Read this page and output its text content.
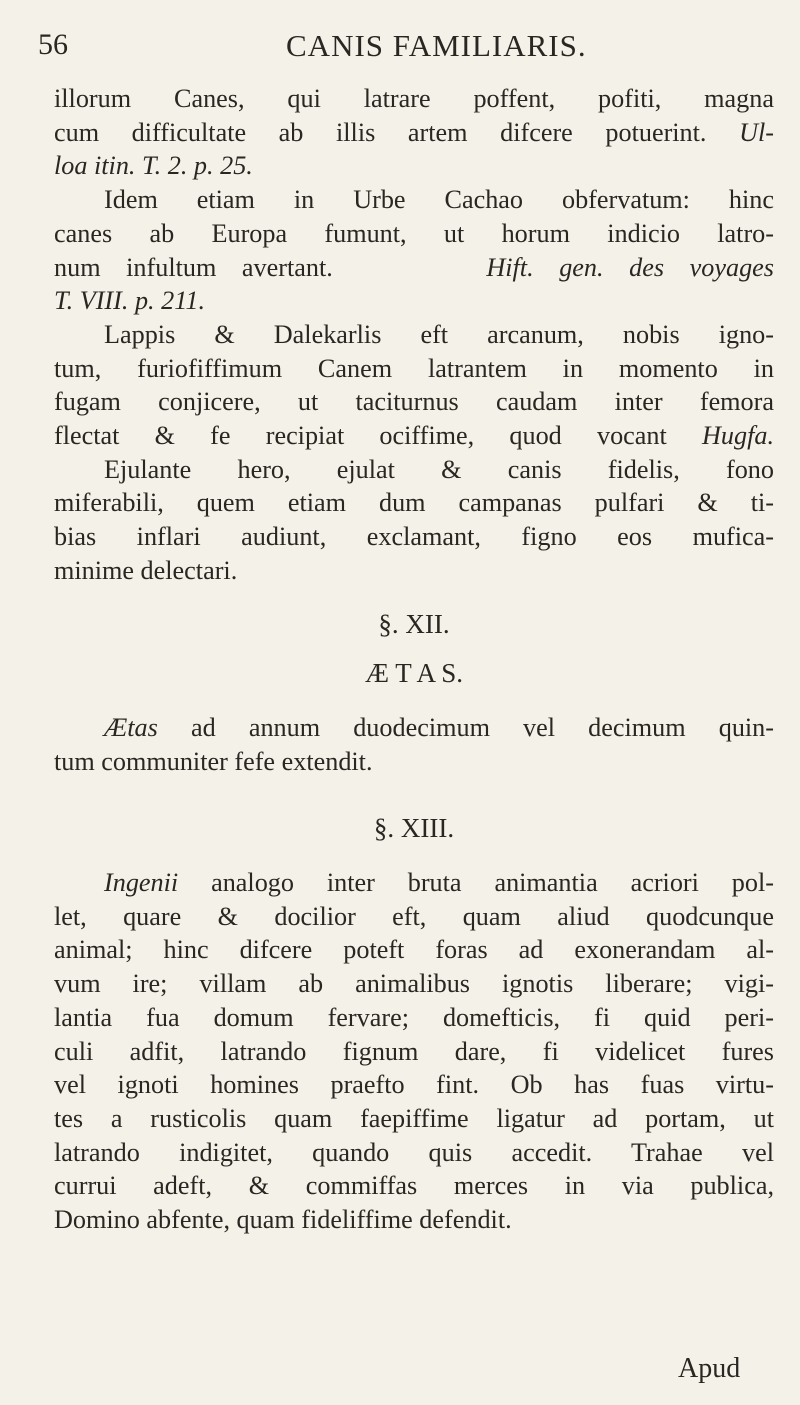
56	CANIS FAMILIARIS.

illorum Canes, qui latrare poffent, pofiti, magna
cum difficultate ab illis artem difcere potuerint. Ul-
loa itin. T. 2. p. 25.

Idem etiam in Urbe Cachao obfervatum: hinc
canes ab Europa fumunt, ut horum indicio latro-
num infultum avertant.	Hift. gen. des voyages
T. VIII. p. 211.

Lappis & Dalekarlis eft arcanum, nobis igno-
tum, furiofiffimum Canem latrantem in momento in
fugam conjicere, ut taciturnus caudam inter femora
flectat & fe recipiat ociffime, quod vocant Hugfa.

Ejulante hero, ejulat & canis fidelis, fono
miferabili, quem etiam dum campanas pulfari & ti-
bias inflari audiunt, exclamant, figno eos mufica-
minime delectari.

§. XII.
Æ T A S.

Ætas ad annum duodecimum vel decimum quin-
tum communiter fefe extendit.

§. XIII.

Ingenii analogo inter bruta animantia acriori pol-
let, quare & docilior eft, quam aliud quodcunque
animal; hinc difcere poteft foras ad exonerandam al-
vum ire; villam ab animalibus ignotis liberare; vigi-
lantia fua domum fervare; domefticis, fi quid peri-
culi adfit, latrando fignum dare, fi videlicet fures
vel ignoti homines praefto fint. Ob has fuas virtu-
tes a rusticolis quam faepiffime ligatur ad portam, ut
latrando indigitet, quando quis accedit. Trahae vel
currui adeft, & commiffas merces in via publica,
Domino abfente, quam fideliffime defendit.

Apud
